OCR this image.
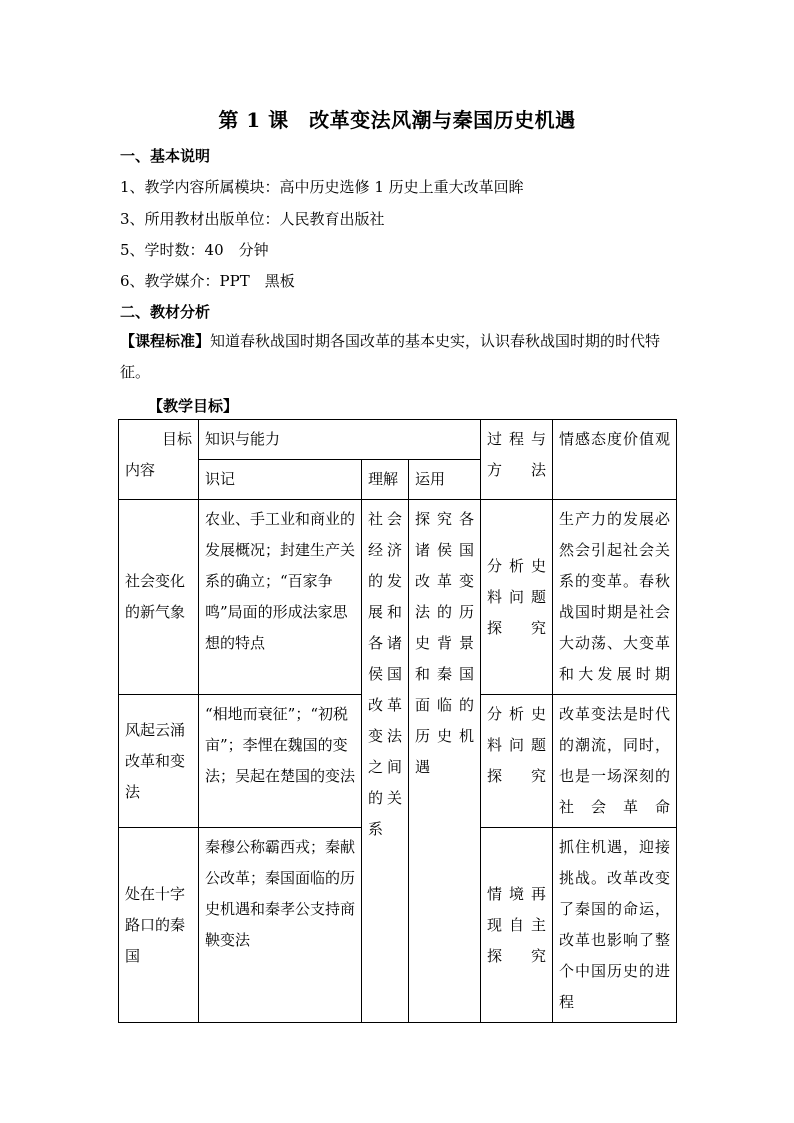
第 1 课　改革变法风潮与秦国历史机遇
一、基本说明
1、教学内容所属模块：高中历史选修 1 历史上重大改革回眸
3、所用教材出版单位：人民教育出版社
5、学时数：40　分钟
6、教学媒介：PPT　黑板
二、教材分析
【课程标准】知道春秋战国时期各国改革的基本史实，认识春秋战国时期的时代特征。
【教学目标】
目标
内容	知识与能力			过程与方法	情感态度价值观
	识记	理解	运用		
社会变化的新气象	农业、手工业和商业的发展概况；封建生产关系的确立；“百家争鸣”局面的形成法家思想的特点	社会经济的发展和各诸侯国改革变法之间的关系	探究各诸侯国改革变法的历史背景和秦国面临的历史机遇	分析史料问题探究	生产力的发展必然会引起社会关系的变革。春秋战国时期是社会大动荡、大变革和大发展时期
风起云涌改革和变法	“相地而衰征”；“初税亩”；李悝在魏国的变法；吴起在楚国的变法			分析史料问题探究	改革变法是时代的潮流，同时，也是一场深刻的社会革命
处在十字路口的秦国	秦穆公称霸西戎；秦献公改革；秦国面临的历史机遇和秦孝公支持商鞅变法			情境再现自主探究	抓住机遇，迎接挑战。改革改变了秦国的命运，改革也影响了整个中国历史的进程
